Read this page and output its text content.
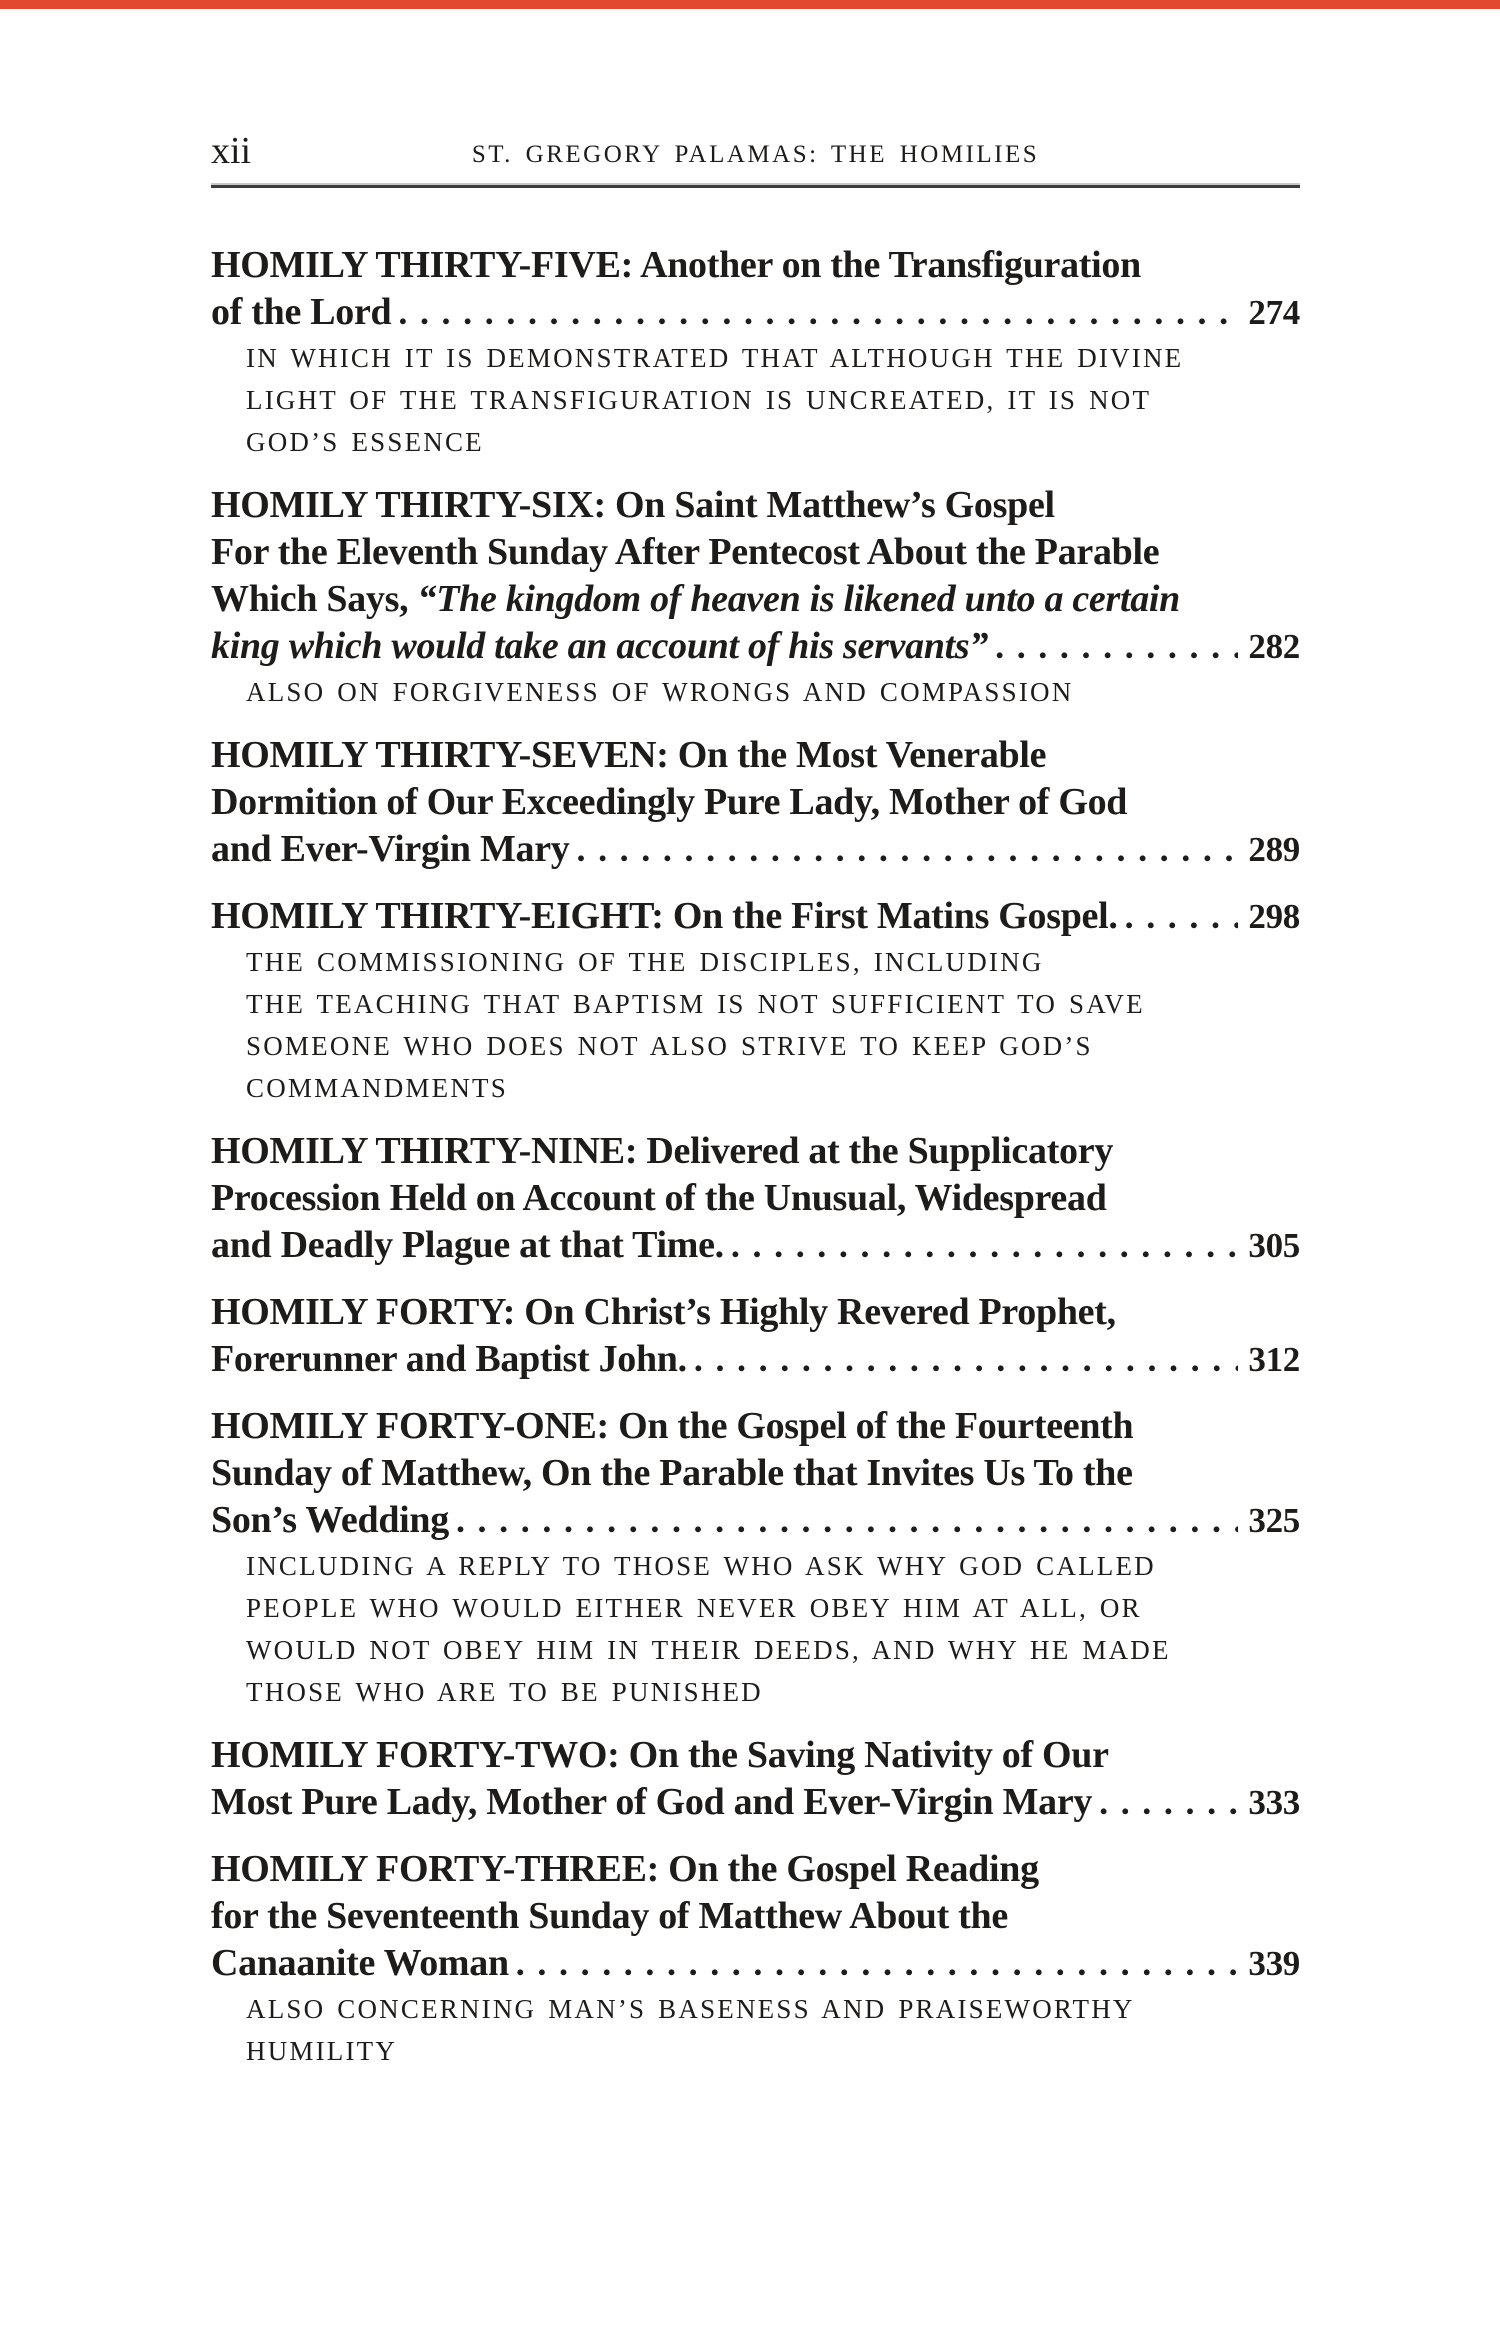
xii	ST. GREGORY PALAMAS: THE HOMILIES
HOMILY THIRTY-FIVE: Another on the Transfiguration
of the Lord .....	274
IN WHICH IT IS DEMONSTRATED THAT ALTHOUGH THE DIVINE
LIGHT OF THE TRANSFIGURATION IS UNCREATED, IT IS NOT
GOD’S ESSENCE
HOMILY THIRTY-SIX: On Saint Matthew’s Gospel
For the Eleventh Sunday After Pentecost About the Parable
Which Says, “The kingdom of heaven is likened unto a certain
king which would take an account of his servants” .....	282
ALSO ON FORGIVENESS OF WRONGS AND COMPASSION
HOMILY THIRTY-SEVEN: On the Most Venerable
Dormition of Our Exceedingly Pure Lady, Mother of God
and Ever-Virgin Mary .....	289
HOMILY THIRTY-EIGHT: On the First Matins Gospel. .....	298
THE COMMISSIONING OF THE DISCIPLES, INCLUDING
THE TEACHING THAT BAPTISM IS NOT SUFFICIENT TO SAVE
SOMEONE WHO DOES NOT ALSO STRIVE TO KEEP GOD’S
COMMANDMENTS
HOMILY THIRTY-NINE: Delivered at the Supplicatory
Procession Held on Account of the Unusual, Widespread
and Deadly Plague at that Time. .....	305
HOMILY FORTY: On Christ’s Highly Revered Prophet,
Forerunner and Baptist John. .....	312
HOMILY FORTY-ONE: On the Gospel of the Fourteenth
Sunday of Matthew, On the Parable that Invites Us To the
Son’s Wedding .....	325
INCLUDING A REPLY TO THOSE WHO ASK WHY GOD CALLED
PEOPLE WHO WOULD EITHER NEVER OBEY HIM AT ALL, OR
WOULD NOT OBEY HIM IN THEIR DEEDS, AND WHY HE MADE
THOSE WHO ARE TO BE PUNISHED
HOMILY FORTY-TWO: On the Saving Nativity of Our
Most Pure Lady, Mother of God and Ever-Virgin Mary .....	333
HOMILY FORTY-THREE: On the Gospel Reading
for the Seventeenth Sunday of Matthew About the
Canaanite Woman .....	339
ALSO CONCERNING MAN’S BASENESS AND PRAISEWORTHY
HUMILITY
